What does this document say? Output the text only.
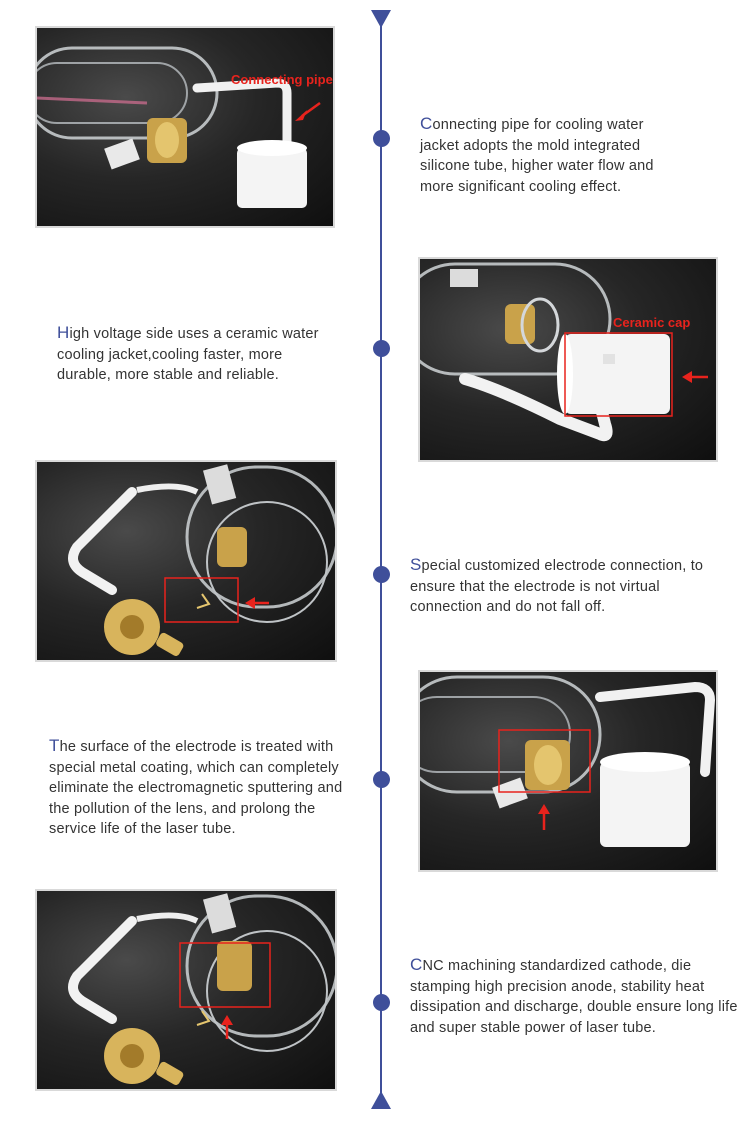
Connecting pipe

Connecting pipe for cooling water jacket adopts the mold integrated silicone tube, higher water flow and more significant cooling effect.

High voltage side uses a ceramic water cooling jacket,cooling faster, more durable, more stable and reliable.

Ceramic cap

Special customized electrode connection, to ensure that the electrode is not virtual connection and do not fall off.

The surface of the electrode is treated with special metal coating, which can completely eliminate the electromagnetic sputtering and the pollution of the lens, and prolong the service life of the laser tube.

CNC machining standardized cathode, die stamping high precision anode, stability heat dissipation and discharge, double ensure long life and super stable power of laser tube.
